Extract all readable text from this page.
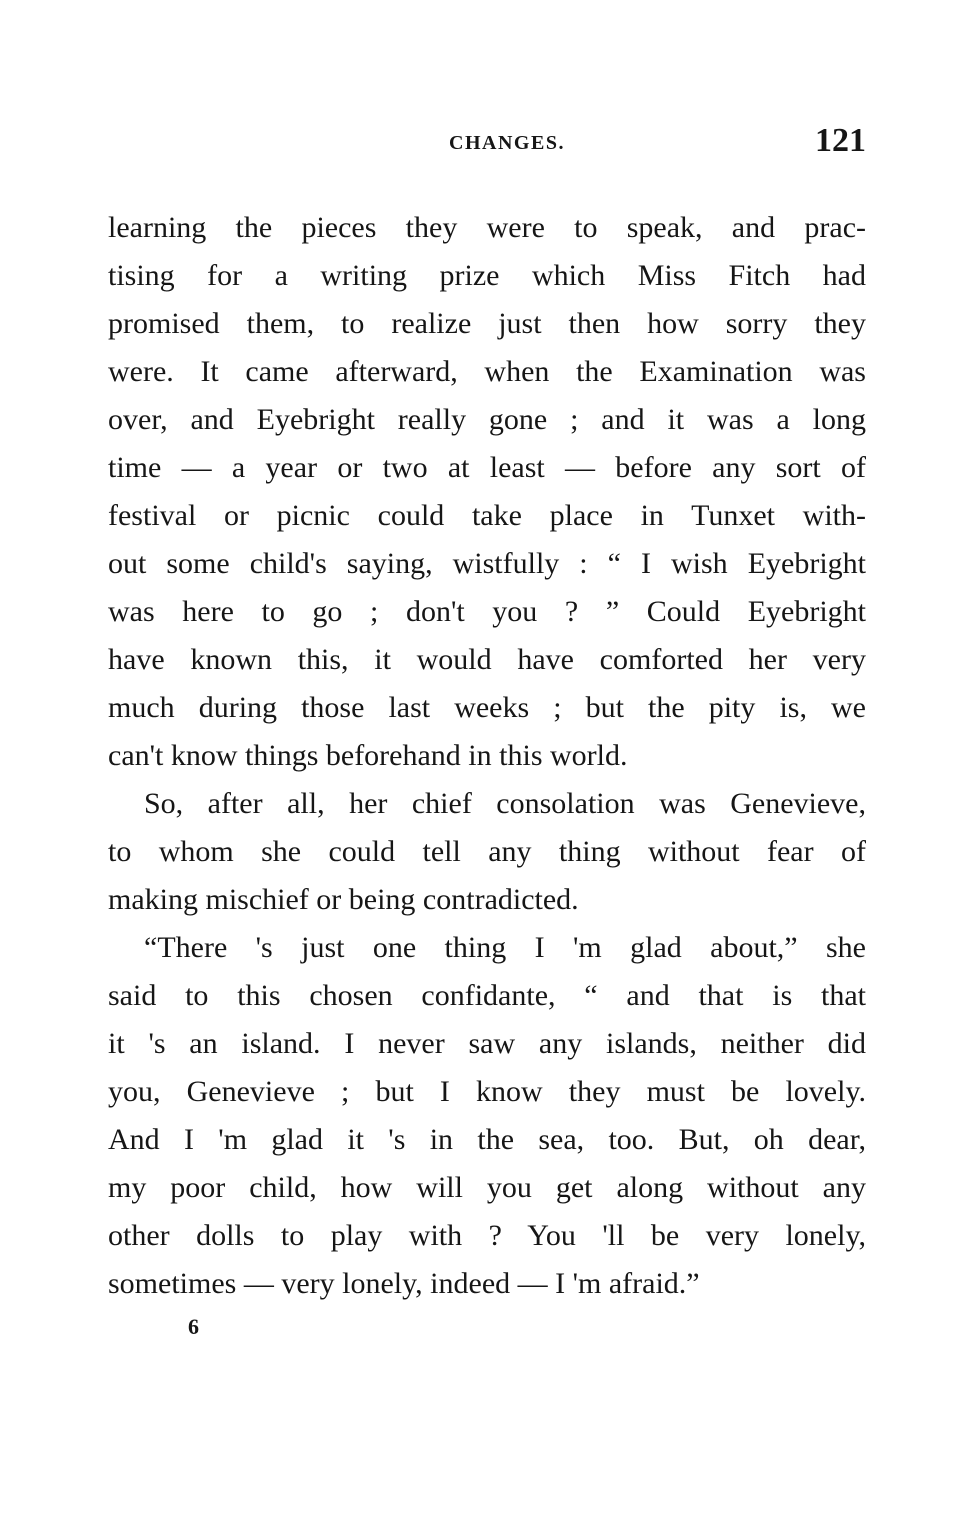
CHANGES.	121
learning the pieces they were to speak, and prac-
tising for a writing prize which Miss Fitch had
promised them, to realize just then how sorry they
were. It came afterward, when the Examination was
over, and Eyebright really gone ; and it was a long
time — a year or two at least — before any sort of
festival or picnic could take place in Tunxet with-
out some child's saying, wistfully : “ I wish Eyebright
was here to go ; don't you ? ” Could Eyebright
have known this, it would have comforted her very
much during those last weeks ; but the pity is, we
can't know things beforehand in this world.
So, after all, her chief consolation was Genevieve,
to whom she could tell any thing without fear of
making mischief or being contradicted.
“There 's just one thing I 'm glad about,” she
said to this chosen confidante, “ and that is that
it 's an island. I never saw any islands, neither did
you, Genevieve ; but I know they must be lovely.
And I 'm glad it 's in the sea, too. But, oh dear,
my poor child, how will you get along without any
other dolls to play with ? You 'll be very lonely,
sometimes — very lonely, indeed — I 'm afraid.”
6
